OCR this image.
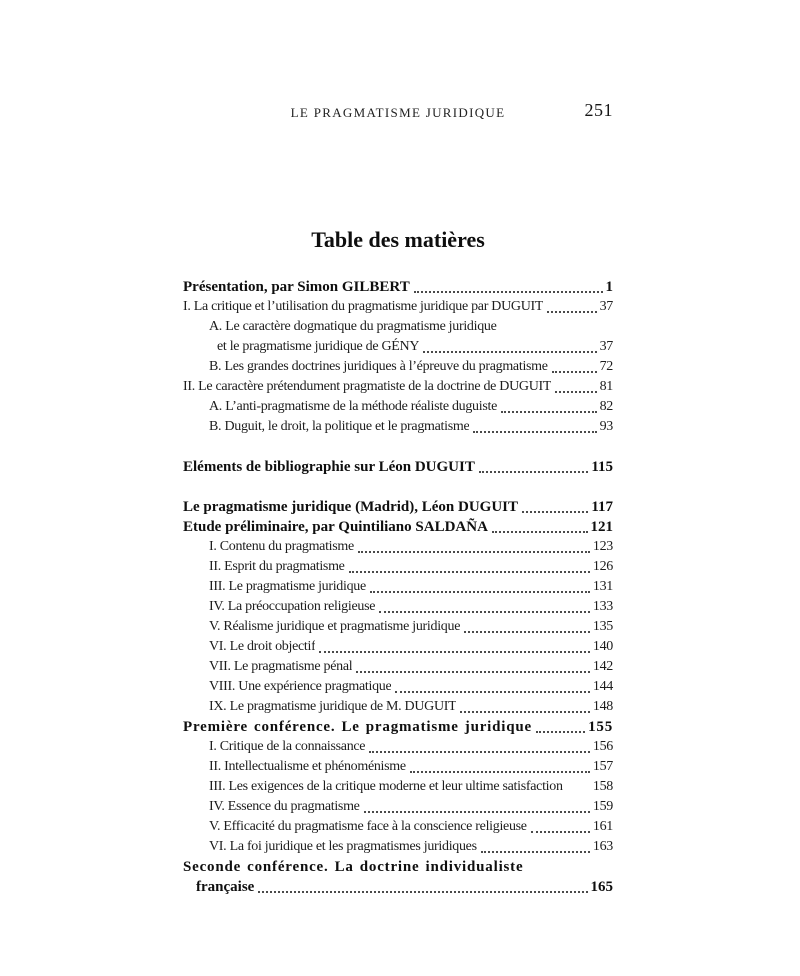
LE PRAGMATISME JURIDIQUE	251
Table des matières
Présentation, par Simon GILBERT	1
I. La critique et l’utilisation du pragmatisme juridique par DUGUIT	37
A. Le caractère dogmatique du pragmatisme juridique
et le pragmatisme juridique de GÉNY	37
B. Les grandes doctrines juridiques à l’épreuve du pragmatisme	72
II. Le caractère prétendument pragmatiste de la doctrine de DUGUIT	81
A. L’anti-pragmatisme de la méthode réaliste duguiste	82
B. Duguit, le droit, la politique et le pragmatisme	93
Eléments de bibliographie sur Léon DUGUIT	115
Le pragmatisme juridique (Madrid), Léon DUGUIT	117
Etude préliminaire, par Quintiliano SALDAÑA	121
I. Contenu du pragmatisme	123
II. Esprit du pragmatisme	126
III. Le pragmatisme juridique	131
IV. La préoccupation religieuse	133
V. Réalisme juridique et pragmatisme juridique	135
VI. Le droit objectif	140
VII. Le pragmatisme pénal	142
VIII. Une expérience pragmatique	144
IX. Le pragmatisme juridique de M. DUGUIT	148
Première conférence. Le pragmatisme juridique	155
I. Critique de la connaissance	156
II. Intellectualisme et phénoménisme	157
III. Les exigences de la critique moderne et leur ultime satisfaction 158
IV. Essence du pragmatisme	159
V. Efficacité du pragmatisme face à la conscience religieuse	161
VI. La foi juridique et les pragmatismes juridiques	163
Seconde conférence. La doctrine individualiste
française	165
